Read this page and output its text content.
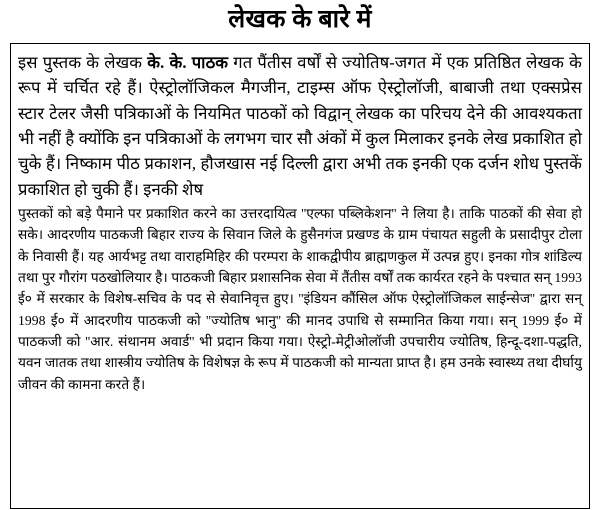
लेखक के बारे में

इस पुस्तक के लेखक के. के. पाठक गत पैंतीस वर्षों से ज्योतिष-जगत में एक प्रतिष्ठित लेखक के रूप में चर्चित रहे हैं। ऐस्ट्रोलॉजिकल मैगजीन, टाइम्स ऑफ ऐस्ट्रोलॉजी, बाबाजी तथा एक्सप्रेस स्टार टेलर जैसी पत्रिकाओं के नियमित पाठकों को विद्वान् लेखक का परिचय देने की आवश्यकता भी नहीं है क्योंकि इन पत्रिकाओं के लगभग चार सौ अंकों में कुल मिलाकर इनके लेख प्रकाशित हो चुके हैं। निष्काम पीठ प्रकाशन, हौजखास नई दिल्ली द्वारा अभी तक इनकी एक दर्जन शोध पुस्तकें प्रकाशित हो चुकी हैं। इनकी शेष

पुस्तकों को बड़े पैमाने पर प्रकाशित करने का उत्तरदायित्व ''एल्फा पब्लिकेशन'' ने लिया है। ताकि पाठकों की सेवा हो सके। आदरणीय पाठकजी बिहार राज्य के सिवान जिले के हुसैनगंज प्रखण्ड के ग्राम पंचायत सहुली के प्रसादीपुर टोला के निवासी हैं। यह आर्यभट्ट तथा वाराहमिहिर की परम्परा के शाकद्वीपीय ब्राह्मणकुल में उत्पन्न हुए। इनका गोत्र शांडिल्य तथा पुर गौरांग पठखोलियार है। पाठकजी बिहार प्रशासनिक सेवा में तैंतीस वर्षों तक कार्यरत रहने के पश्चात सन् 1993 ई० में सरकार के विशेष-सचिव के पद से सेवानिवृत्त हुए। ''इंडियन कौंसिल ऑफ ऐस्ट्रोलॉजिकल साईन्सेज'' द्वारा सन् 1998 ई० में आदरणीय पाठकजी को ''ज्योतिष भानु'' की मानद उपाधि से सम्मानित किया गया। सन् 1999 ई० में पाठकजी को ''आर. संथानम अवार्ड'' भी प्रदान किया गया। ऐस्ट्रो-मेट्रीओलॉजी उपचारीय ज्योतिष, हिन्दू-दशा-पद्धति, यवन जातक तथा शास्त्रीय ज्योतिष के विशेषज्ञ के रूप में पाठकजी को मान्यता प्राप्त है। हम उनके स्वास्थ्य तथा दीर्घायु जीवन की कामना करते हैं।
